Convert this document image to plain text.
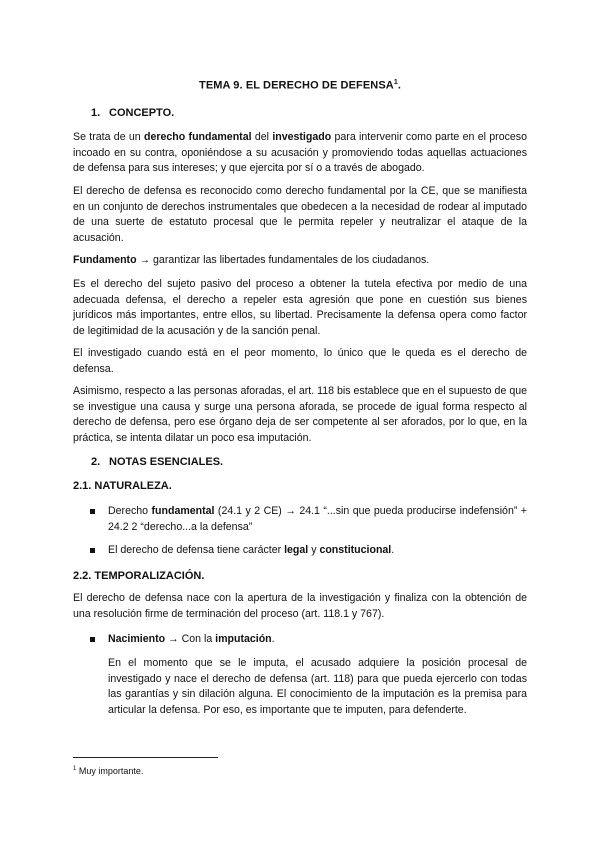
TEMA 9. EL DERECHO DE DEFENSA$^1$.
1. CONCEPTO.

Se trata de un derecho fundamental del investigado para intervenir como parte en el proceso incoado en su contra, oponiéndose a su acusación y promoviendo todas aquellas actuaciones de defensa para sus intereses; y que ejercita por sí o a través de abogado.

El derecho de defensa es reconocido como derecho fundamental por la CE, que se manifiesta en un conjunto de derechos instrumentales que obedecen a la necesidad de rodear al imputado de una suerte de estatuto procesal que le permita repeler y neutralizar el ataque de la acusación.

Fundamento → garantizar las libertades fundamentales de los ciudadanos.

Es el derecho del sujeto pasivo del proceso a obtener la tutela efectiva por medio de una adecuada defensa, el derecho a repeler esta agresión que pone en cuestión sus bienes jurídicos más importantes, entre ellos, su libertad. Precisamente la defensa opera como factor de legitimidad de la acusación y de la sanción penal.

El investigado cuando está en el peor momento, lo único que le queda es el derecho de defensa.

Asimismo, respecto a las personas aforadas, el art. 118 bis establece que en el supuesto de que se investigue una causa y surge una persona aforada, se procede de igual forma respecto al derecho de defensa, pero ese órgano deja de ser competente al ser aforados, por lo que, en la práctica, se intenta dilatar un poco esa imputación.

2. NOTAS ESENCIALES.
2.1. NATURALEZA.
Derecho fundamental (24.1 y 2 CE) → 24.1 “...sin que pueda producirse indefensión” + 24.2 2 “derecho...a la defensa”
El derecho de defensa tiene carácter legal y constitucional.
2.2. TEMPORALIZACIÓN.

El derecho de defensa nace con la apertura de la investigación y finaliza con la obtención de una resolución firme de terminación del proceso (art. 118.1 y 767).

Nacimiento → Con la imputación.

En el momento que se le imputa, el acusado adquiere la posición procesal de investigado y nace el derecho de defensa (art. 118) para que pueda ejercerlo con todas las garantías y sin dilación alguna. El conocimiento de la imputación es la premisa para articular la defensa. Por eso, es importante que te imputen, para defenderte.

$^1$ Muy importante.
